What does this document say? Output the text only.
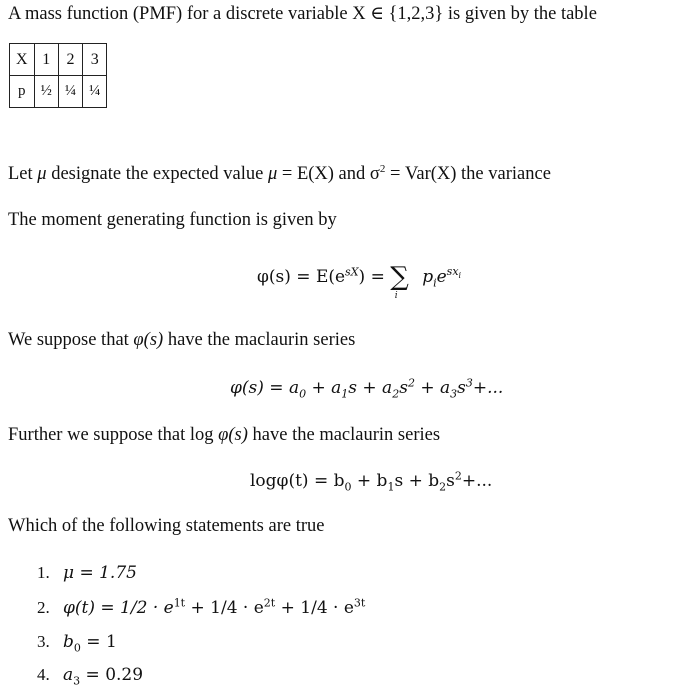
A mass function (PMF) for a discrete variable X ∈ {1,2,3} is given by the table
X	1	2	3
p	½	¼	¼
Let μ designate the expected value μ = E(X) and $\sigma^2 = Var(X)$ the variance
The moment generating function is given by
$\varphi(s) = E(e^{sX})$ = ∑
i
$p_ie^{sx_i}$
We suppose that φ(s) have the maclaurin series
$\varphi(s) = a_0 + a_1s + a_2s^2 + a_3s^3+$...
Further we suppose that log φ(s) have the maclaurin series
$\log\varphi(t) = b_0 + b_1s + b_2s^2+$...
Which of the following statements are true
1. μ = 1.75
2. $\varphi(t) = 1/2 \cdot e^{1t} + 1/4 \cdot e^{2t} + 1/4 \cdot e^{3t}$
3. $b_0 = 1$
4. $a_3 = 0.29$
